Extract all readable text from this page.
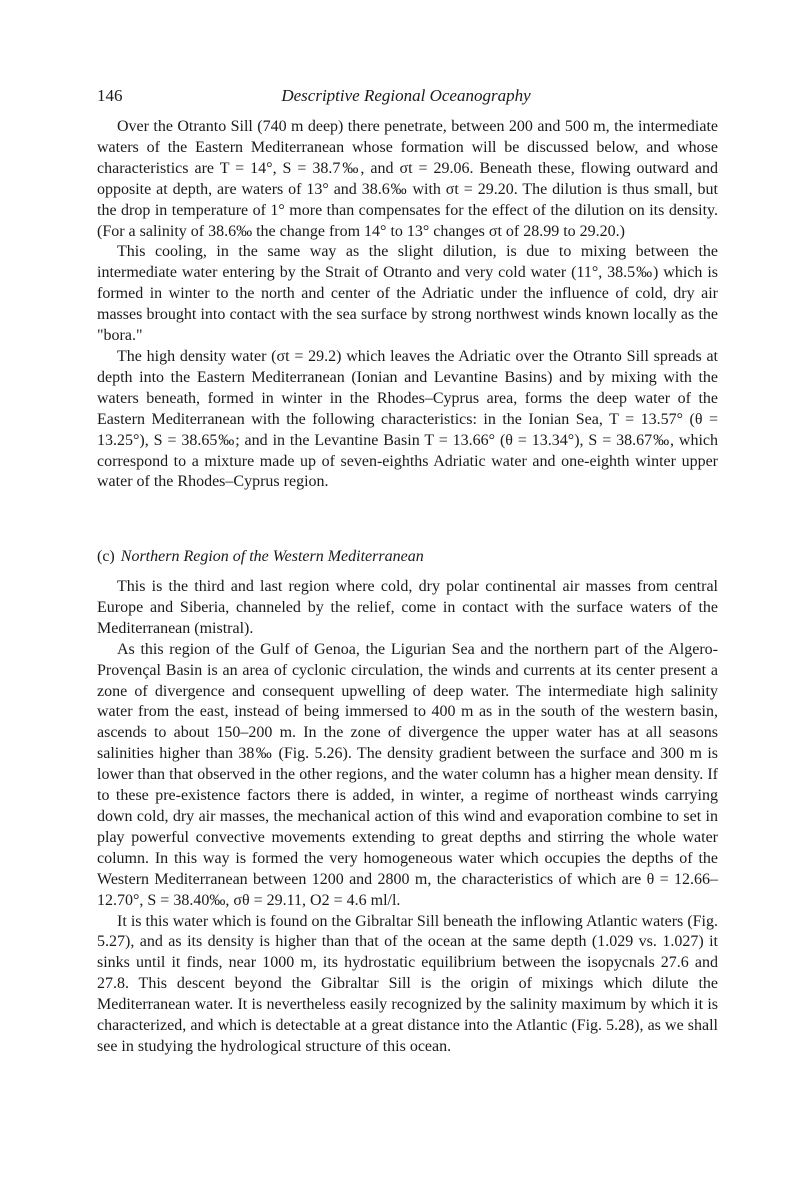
146	Descriptive Regional Oceanography

Over the Otranto Sill (740 m deep) there penetrate, between 200 and 500 m, the intermediate waters of the Eastern Mediterranean whose formation will be discussed below, and whose characteristics are T = 14°, S = 38.7‰, and σt = 29.06. Beneath these, flowing outward and opposite at depth, are waters of 13° and 38.6‰ with σt = 29.20. The dilution is thus small, but the drop in temperature of 1° more than compensates for the effect of the dilution on its density. (For a salinity of 38.6‰ the change from 14° to 13° changes σt of 28.99 to 29.20.)

This cooling, in the same way as the slight dilution, is due to mixing between the intermediate water entering by the Strait of Otranto and very cold water (11°, 38.5‰) which is formed in winter to the north and center of the Adriatic under the influence of cold, dry air masses brought into contact with the sea surface by strong northwest winds known locally as the "bora."

The high density water (σt = 29.2) which leaves the Adriatic over the Otranto Sill spreads at depth into the Eastern Mediterranean (Ionian and Levantine Basins) and by mixing with the waters beneath, formed in winter in the Rhodes–Cyprus area, forms the deep water of the Eastern Mediterranean with the following characteristics: in the Ionian Sea, T = 13.57° (θ = 13.25°), S = 38.65‰; and in the Levantine Basin T = 13.66° (θ = 13.34°), S = 38.67‰, which correspond to a mixture made up of seven-eighths Adriatic water and one-eighth winter upper water of the Rhodes–Cyprus region.

(c) Northern Region of the Western Mediterranean

This is the third and last region where cold, dry polar continental air masses from central Europe and Siberia, channeled by the relief, come in contact with the surface waters of the Mediterranean (mistral).

As this region of the Gulf of Genoa, the Ligurian Sea and the northern part of the Algero-Provençal Basin is an area of cyclonic circulation, the winds and currents at its center present a zone of divergence and consequent upwelling of deep water. The intermediate high salinity water from the east, instead of being immersed to 400 m as in the south of the western basin, ascends to about 150–200 m. In the zone of divergence the upper water has at all seasons salinities higher than 38‰ (Fig. 5.26). The density gradient between the surface and 300 m is lower than that observed in the other regions, and the water column has a higher mean density. If to these pre-existence factors there is added, in winter, a regime of northeast winds carrying down cold, dry air masses, the mechanical action of this wind and evaporation combine to set in play powerful convective movements extending to great depths and stirring the whole water column. In this way is formed the very homogeneous water which occupies the depths of the Western Mediterranean between 1200 and 2800 m, the characteristics of which are θ = 12.66–12.70°, S = 38.40‰, σθ = 29.11, O2 = 4.6 ml/l.

It is this water which is found on the Gibraltar Sill beneath the inflowing Atlantic waters (Fig. 5.27), and as its density is higher than that of the ocean at the same depth (1.029 vs. 1.027) it sinks until it finds, near 1000 m, its hydrostatic equilibrium between the isopycnals 27.6 and 27.8. This descent beyond the Gibraltar Sill is the origin of mixings which dilute the Mediterranean water. It is nevertheless easily recognized by the salinity maximum by which it is characterized, and which is detectable at a great distance into the Atlantic (Fig. 5.28), as we shall see in studying the hydrological structure of this ocean.
